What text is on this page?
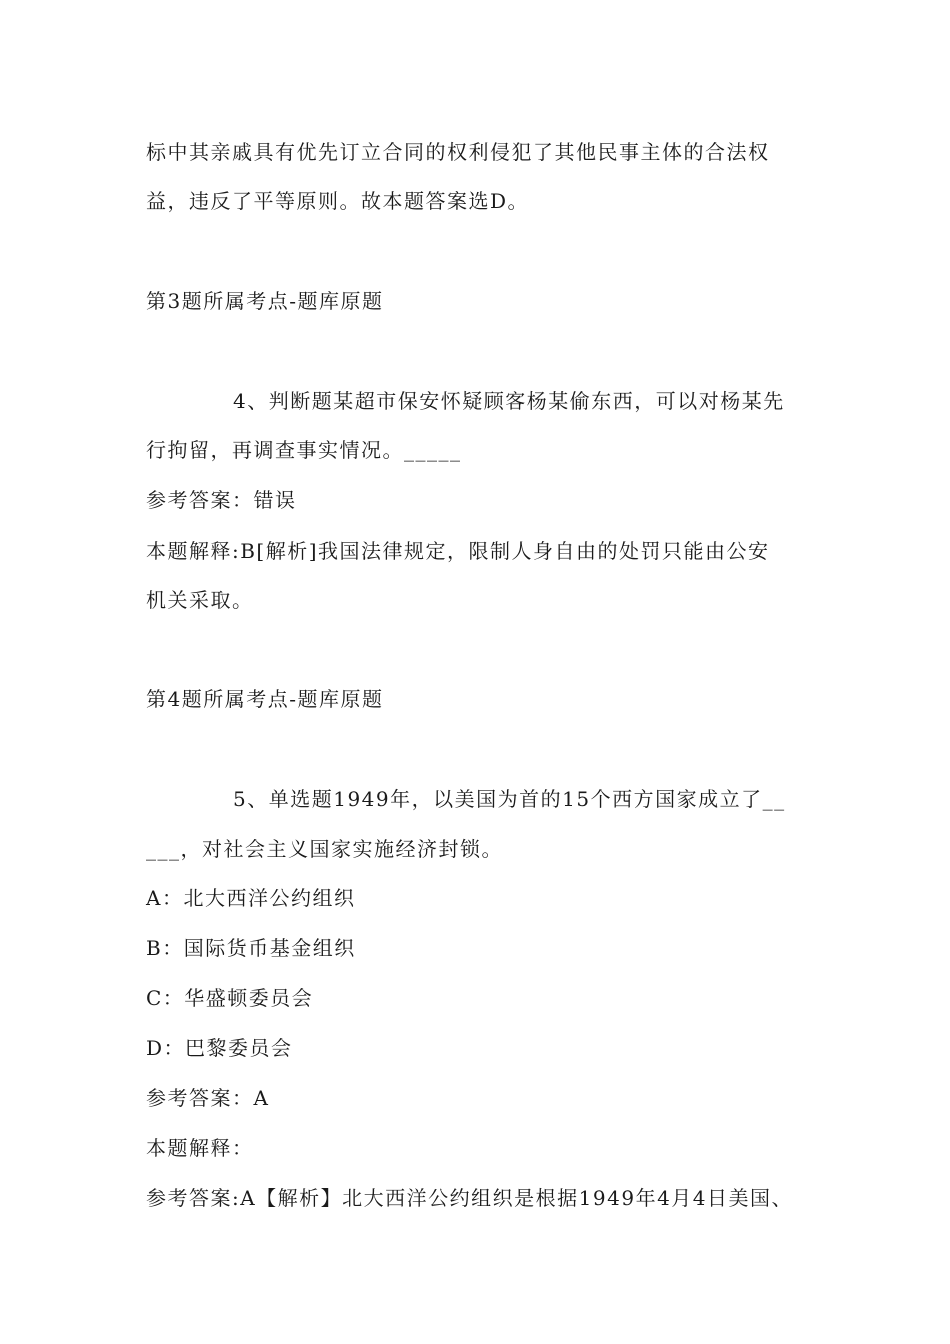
标中其亲戚具有优先订立合同的权利侵犯了其他民事主体的合法权
益，违反了平等原则。故本题答案选D。
第3题所属考点-题库原题
4、判断题某超市保安怀疑顾客杨某偷东西，可以对杨某先
行拘留，再调查事实情况。_____
参考答案：错误
本题解释:B[解析]我国法律规定，限制人身自由的处罚只能由公安
机关采取。
第4题所属考点-题库原题
5、单选题1949年，以美国为首的15个西方国家成立了__
___，对社会主义国家实施经济封锁。
A：北大西洋公约组织
B：国际货币基金组织
C：华盛顿委员会
D：巴黎委员会
参考答案：A
本题解释：
参考答案:A【解析】北大西洋公约组织是根据1949年4月4日美国、
